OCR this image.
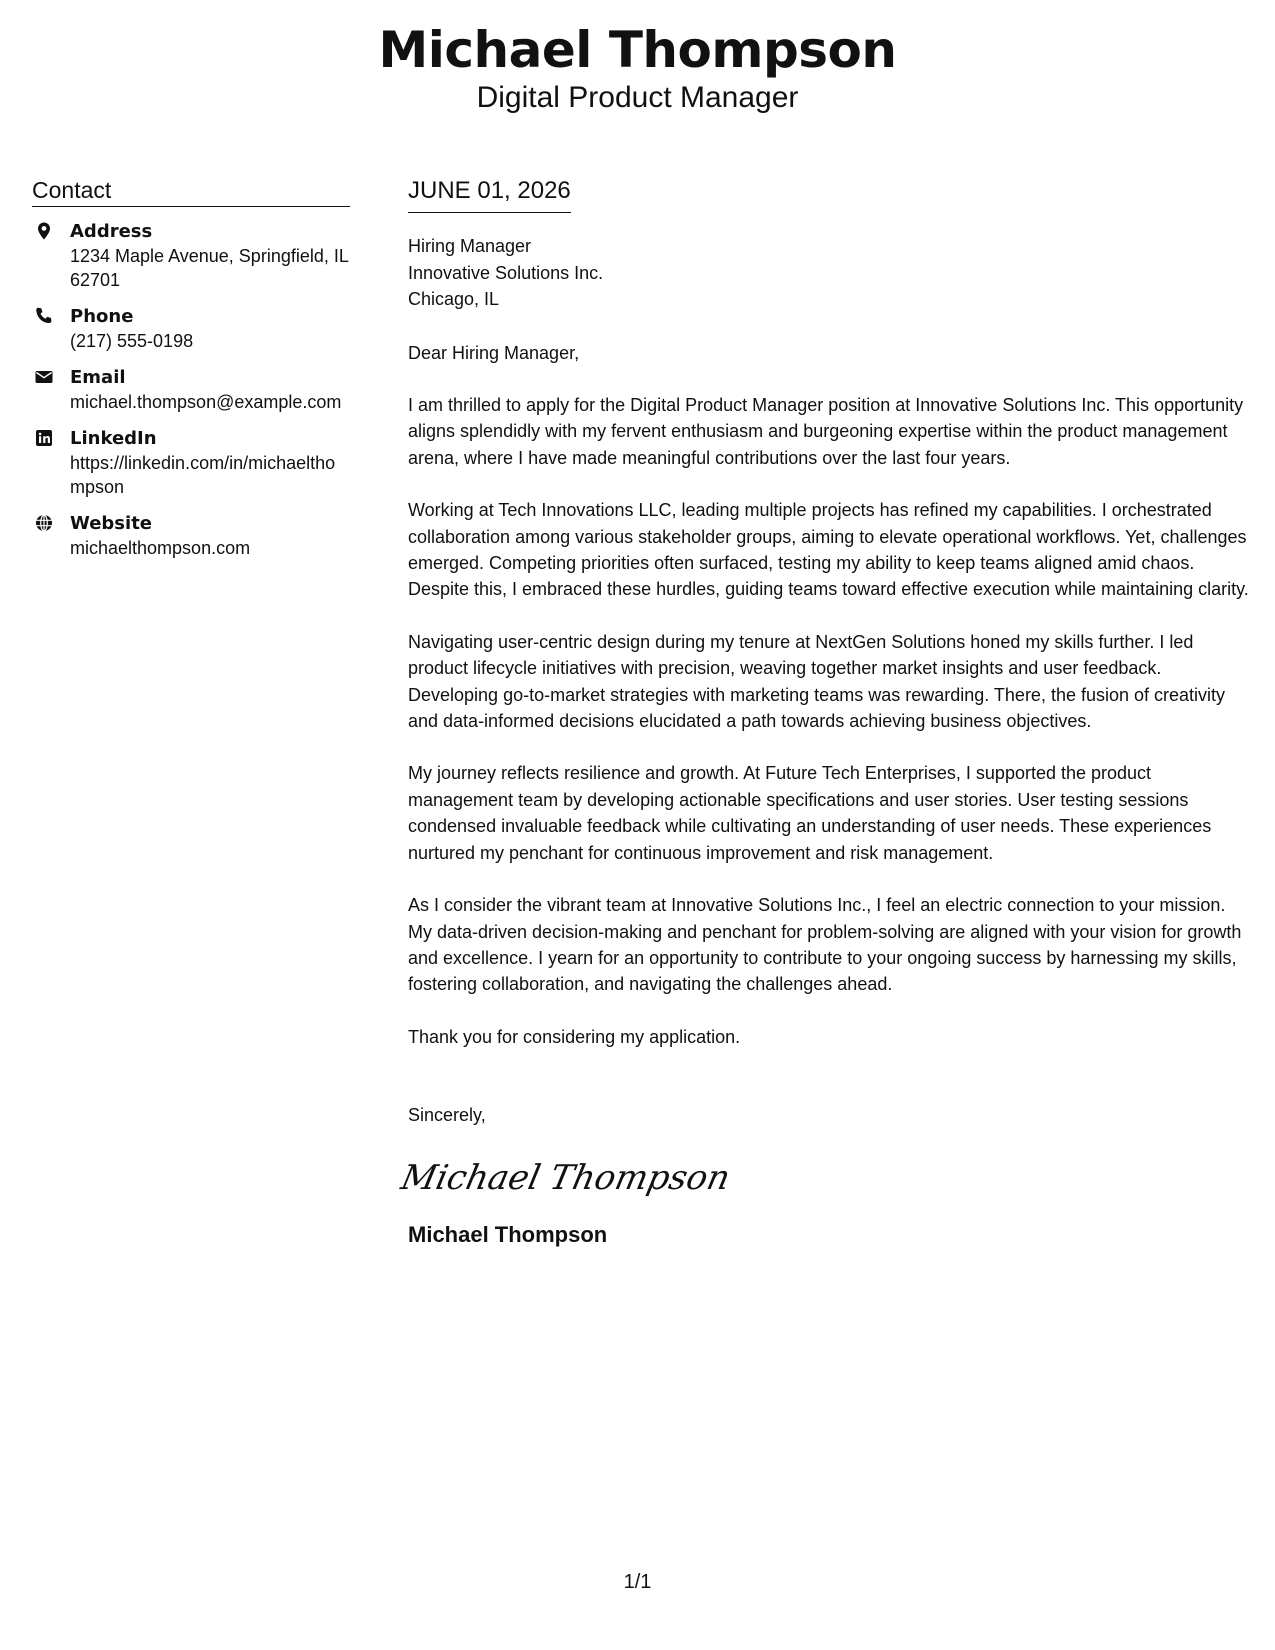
Michael Thompson
Digital Product Manager
Contact
Address
1234 Maple Avenue, Springfield, IL 62701
Phone
(217) 555-0198
Email
michael.thompson@example.com
LinkedIn
https://linkedin.com/in/michaelthompson
Website
michaelthompson.com
JUNE 01, 2026
Hiring Manager
Innovative Solutions Inc.
Chicago, IL
Dear Hiring Manager,
I am thrilled to apply for the Digital Product Manager position at Innovative Solutions Inc. This opportunity aligns splendidly with my fervent enthusiasm and burgeoning expertise within the product management arena, where I have made meaningful contributions over the last four years.
Working at Tech Innovations LLC, leading multiple projects has refined my capabilities. I orchestrated collaboration among various stakeholder groups, aiming to elevate operational workflows. Yet, challenges emerged. Competing priorities often surfaced, testing my ability to keep teams aligned amid chaos. Despite this, I embraced these hurdles, guiding teams toward effective execution while maintaining clarity.
Navigating user-centric design during my tenure at NextGen Solutions honed my skills further. I led product lifecycle initiatives with precision, weaving together market insights and user feedback. Developing go-to-market strategies with marketing teams was rewarding. There, the fusion of creativity and data-informed decisions elucidated a path towards achieving business objectives.
My journey reflects resilience and growth. At Future Tech Enterprises, I supported the product management team by developing actionable specifications and user stories. User testing sessions condensed invaluable feedback while cultivating an understanding of user needs. These experiences nurtured my penchant for continuous improvement and risk management.
As I consider the vibrant team at Innovative Solutions Inc., I feel an electric connection to your mission. My data-driven decision-making and penchant for problem-solving are aligned with your vision for growth and excellence. I yearn for an opportunity to contribute to your ongoing success by harnessing my skills, fostering collaboration, and navigating the challenges ahead.
Thank you for considering my application.
Sincerely,
Michael Thompson
Michael Thompson
1/1
